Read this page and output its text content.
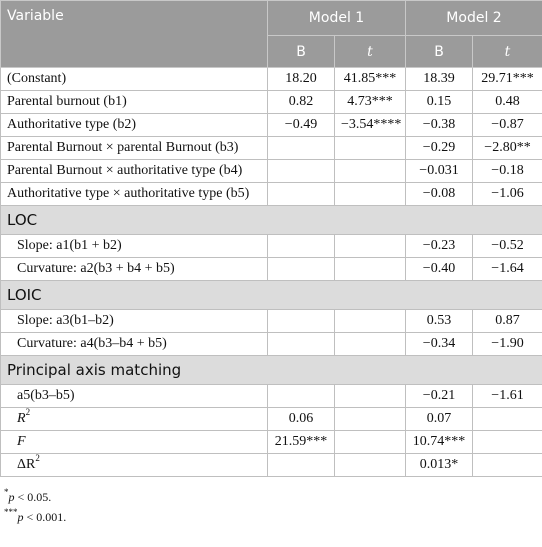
Variable	Model 1		Model 2	
	B	t	B	t
(Constant)	18.20	41.85***	18.39	29.71***
Parental burnout (b1)	0.82	4.73***	0.15	0.48
Authoritative type (b2)	−0.49	−3.54****	−0.38	−0.87
Parental Burnout × parental Burnout (b3)			−0.29	−2.80**
Parental Burnout × authoritative type (b4)			−0.031	−0.18
Authoritative type × authoritative type (b5)			−0.08	−1.06
LOC				
Slope: a1(b1 + b2)			−0.23	−0.52
Curvature: a2(b3 + b4 + b5)			−0.40	−1.64
LOIC				
Slope: a3(b1–b2)			0.53	0.87
Curvature: a4(b3–b4 + b5)			−0.34	−1.90
Principal axis matching				
a5(b3–b5)			−0.21	−1.61
$R^2$	0.06		0.07	
F	21.59***		10.74***	
$\Delta R^2$			0.013*	
*p < 0.05.
***p < 0.001.
